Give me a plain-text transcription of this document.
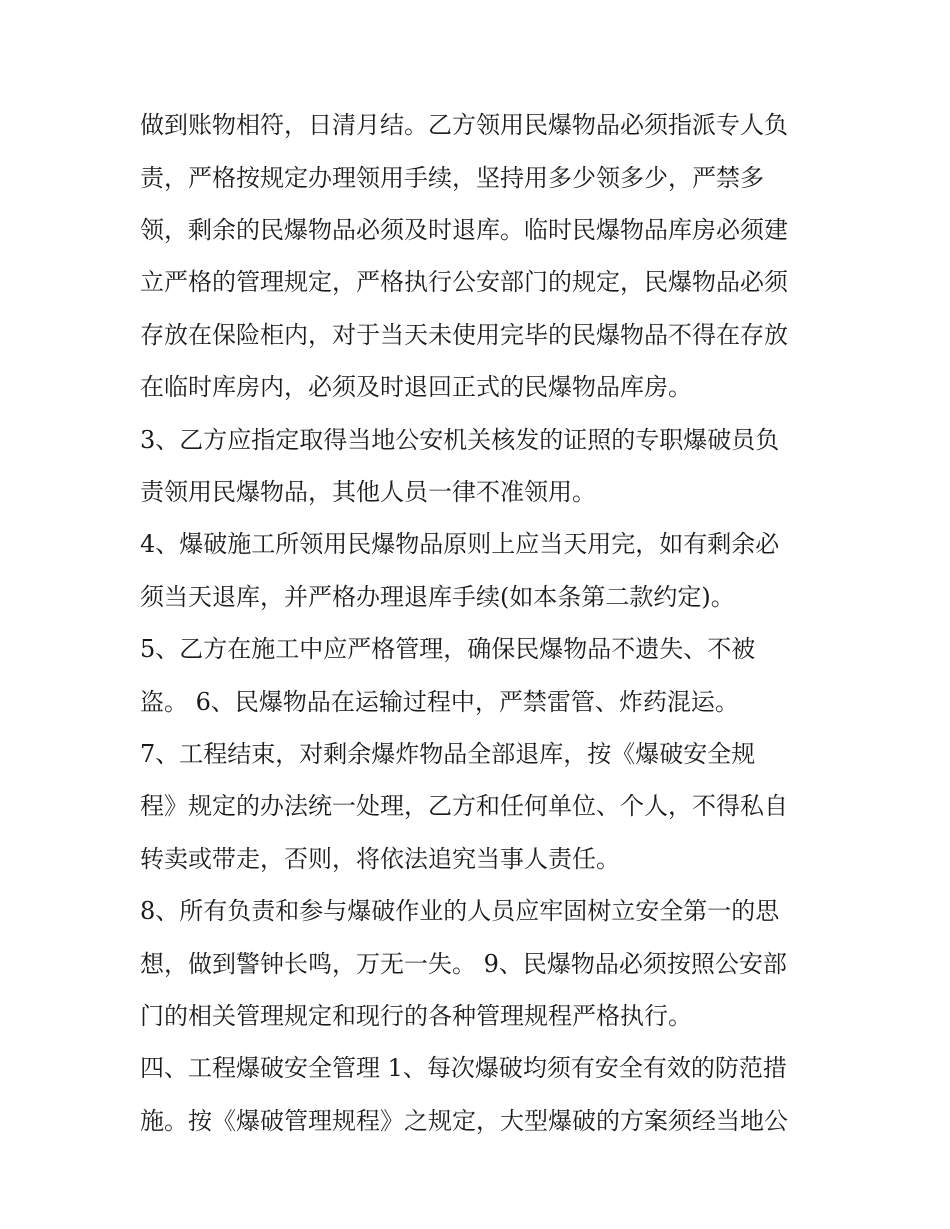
做到账物相符，日清月结。乙方领用民爆物品必须指派专人负
责，严格按规定办理领用手续，坚持用多少领多少，严禁多
领，剩余的民爆物品必须及时退库。临时民爆物品库房必须建
立严格的管理规定，严格执行公安部门的规定，民爆物品必须
存放在保险柜内，对于当天未使用完毕的民爆物品不得在存放
在临时库房内，必须及时退回正式的民爆物品库房。
3、乙方应指定取得当地公安机关核发的证照的专职爆破员负
责领用民爆物品，其他人员一律不准领用。
4、爆破施工所领用民爆物品原则上应当天用完，如有剩余必
须当天退库，并严格办理退库手续(如本条第二款约定)。
5、乙方在施工中应严格管理，确保民爆物品不遗失、不被
盗。 6、民爆物品在运输过程中，严禁雷管、炸药混运。
7、工程结束，对剩余爆炸物品全部退库，按《爆破安全规
程》规定的办法统一处理，乙方和任何单位、个人，不得私自
转卖或带走，否则，将依法追究当事人责任。
8、所有负责和参与爆破作业的人员应牢固树立安全第一的思
想，做到警钟长鸣，万无一失。 9、民爆物品必须按照公安部
门的相关管理规定和现行的各种管理规程严格执行。
四、工程爆破安全管理 1、每次爆破均须有安全有效的防范措
施。按《爆破管理规程》之规定，大型爆破的方案须经当地公
